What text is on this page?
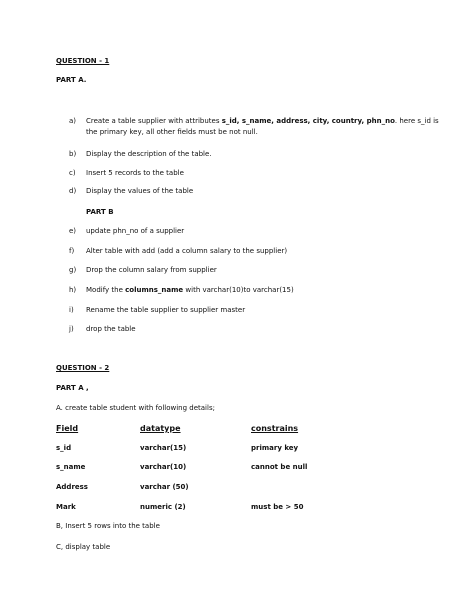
QUESTION - 1
PART A.
a) Create a table supplier with attributes s_id, s_name, address, city, country, phn_no. here s_id is
the primary key, all other fields must be not null.
b) Display the description of the table.
c) Insert 5 records to the table
d) Display the values of the table
PART B
e) update phn_no of a supplier
f) Alter table with add (add a column salary to the supplier)
g) Drop the column salary from supplier
h) Modify the columns_name with varchar(10)to varchar(15)
i) Rename the table supplier to supplier master
j) drop the table
QUESTION - 2
PART A ,
A. create table student with following details;
Field	datatype	constrains
s_id	varchar(15)	primary key
s_name	varchar(10)	cannot be null
Address	varchar (50)
Mark	numeric (2)	must be > 50
B, Insert 5 rows into the table
C, display table
